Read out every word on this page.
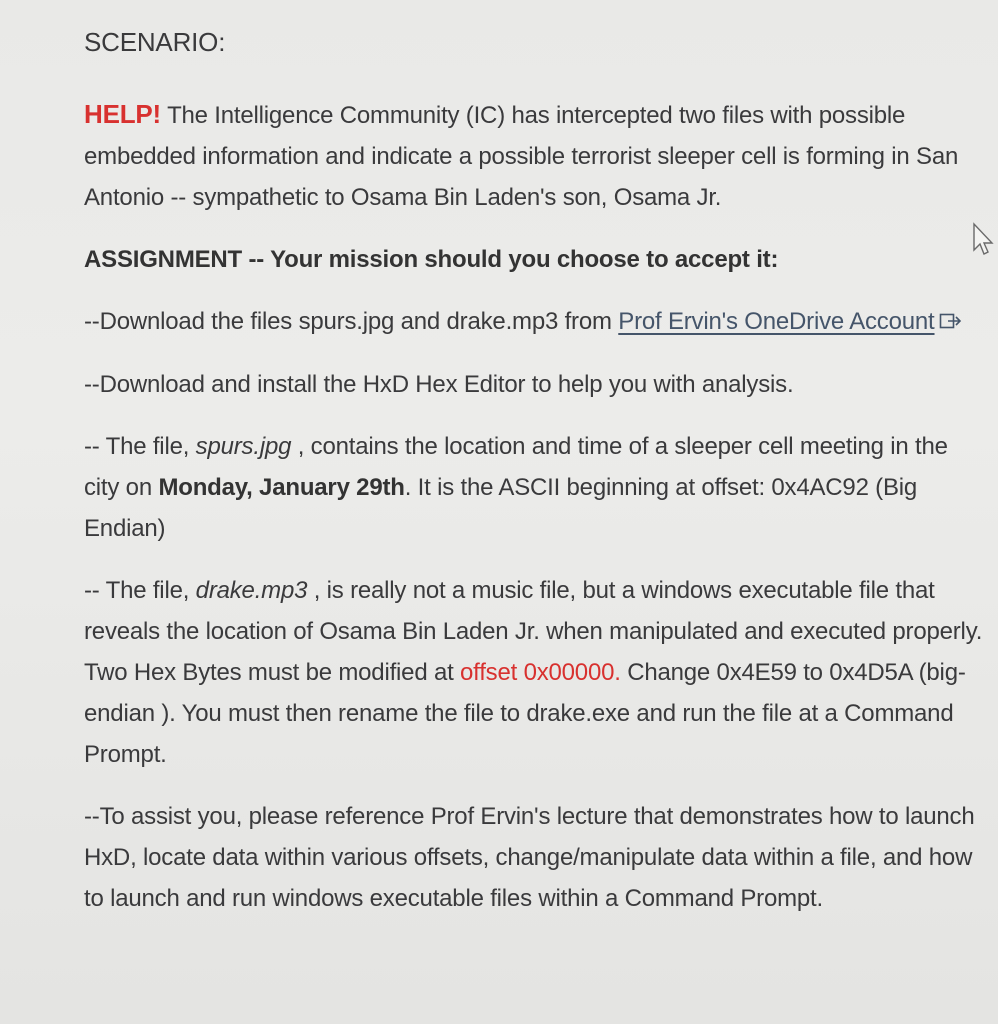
SCENARIO:

HELP! The Intelligence Community (IC) has intercepted two files with possible embedded information and indicate a possible terrorist sleeper cell is forming in San Antonio -- sympathetic to Osama Bin Laden's son, Osama Jr.

ASSIGNMENT -- Your mission should you choose to accept it:

--Download the files spurs.jpg and drake.mp3 from Prof Ervin's OneDrive Account

--Download and install the HxD Hex Editor to help you with analysis.

-- The file, spurs.jpg , contains the location and time of a sleeper cell meeting in the city on Monday, January 29th. It is the ASCII beginning at offset: 0x4AC92 (Big Endian)

-- The file, drake.mp3 , is really not a music file, but a windows executable file that reveals the location of Osama Bin Laden Jr. when manipulated and executed properly. Two Hex Bytes must be modified at offset 0x00000. Change 0x4E59 to 0x4D5A (big-endian ). You must then rename the file to drake.exe and run the file at a Command Prompt.

--To assist you, please reference Prof Ervin's lecture that demonstrates how to launch HxD, locate data within various offsets, change/manipulate data within a file, and how to launch and run windows executable files within a Command Prompt.
